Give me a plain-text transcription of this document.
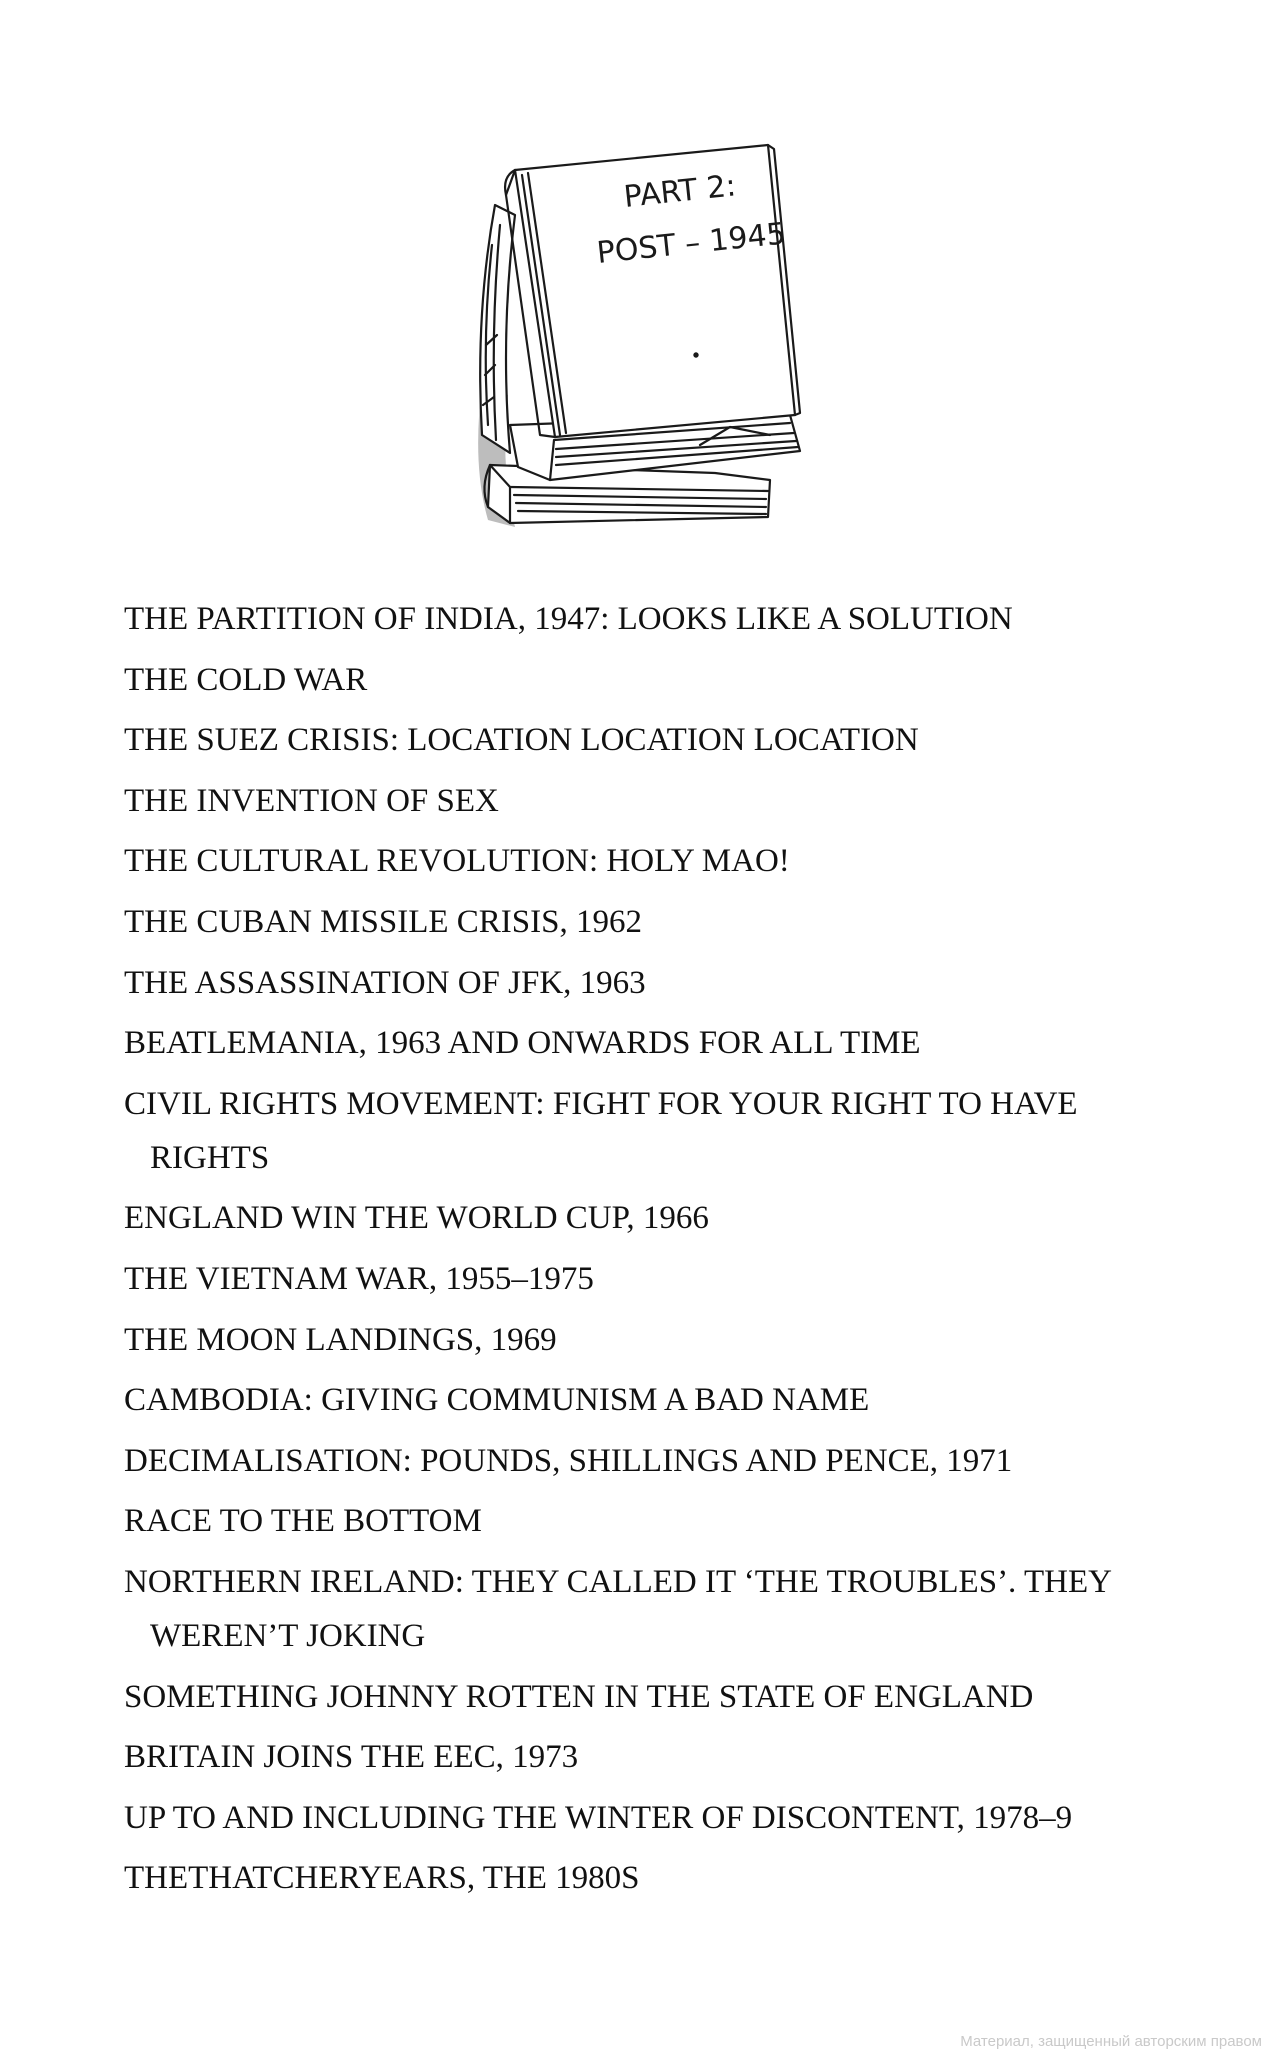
PART 2:
POST – 1945
THE PARTITION OF INDIA, 1947: LOOKS LIKE A SOLUTION
THE COLD WAR
THE SUEZ CRISIS: LOCATION LOCATION LOCATION
THE INVENTION OF SEX
THE CULTURAL REVOLUTION: HOLY MAO!
THE CUBAN MISSILE CRISIS, 1962
THE ASSASSINATION OF JFK, 1963
BEATLEMANIA, 1963 AND ONWARDS FOR ALL TIME
CIVIL RIGHTS MOVEMENT: FIGHT FOR YOUR RIGHT TO HAVE RIGHTS
ENGLAND WIN THE WORLD CUP, 1966
THE VIETNAM WAR, 1955–1975
THE MOON LANDINGS, 1969
CAMBODIA: GIVING COMMUNISM A BAD NAME
DECIMALISATION: POUNDS, SHILLINGS AND PENCE, 1971
RACE TO THE BOTTOM
NORTHERN IRELAND: THEY CALLED IT ‘THE TROUBLES’. THEY WEREN’T JOKING
SOMETHING JOHNNY ROTTEN IN THE STATE OF ENGLAND
BRITAIN JOINS THE EEC, 1973
UP TO AND INCLUDING THE WINTER OF DISCONTENT, 1978–9
THETHATCHERYEARS, THE 1980S
Материал, защищенный авторским правом
